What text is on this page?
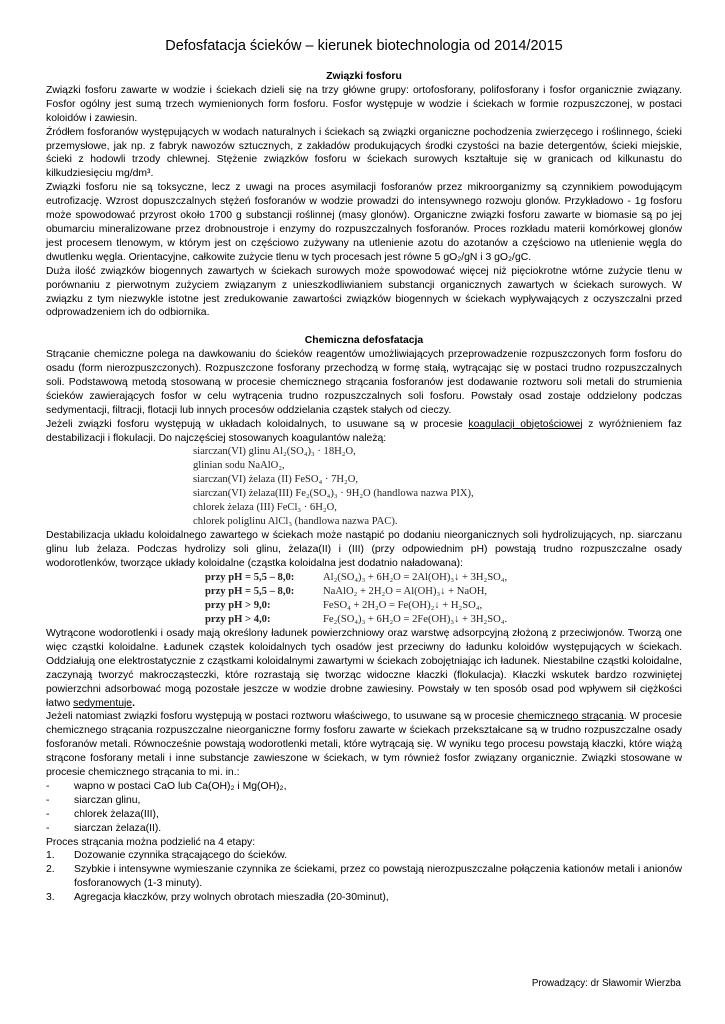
Defosfatacja ścieków – kierunek biotechnologia od 2014/2015
Związki fosforu

Związki fosforu zawarte w wodzie i ściekach dzieli się na trzy główne grupy: ortofosforany, polifosforany i fosfor organicznie związany. Fosfor ogólny jest sumą trzech wymienionych form fosforu. Fosfor występuje w wodzie i ściekach w formie rozpuszczonej, w postaci koloidów i zawiesin.

Źródłem fosforanów występujących w wodach naturalnych i ściekach są związki organiczne pochodzenia zwierzęcego i roślinnego, ścieki przemysłowe, jak np. z fabryk nawozów sztucznych, z zakładów produkujących środki czystości na bazie detergentów, ścieki miejskie, ścieki z hodowli trzody chlewnej. Stężenie związków fosforu w ściekach surowych kształtuje się w granicach od kilkunastu do kilkudziesięciu mg/dm³.

Związki fosforu nie są toksyczne, lecz z uwagi na proces asymilacji fosforanów przez mikroorganizmy są czynnikiem powodującym eutrofizację. Wzrost dopuszczalnych stężeń fosforanów w wodzie prowadzi do intensywnego rozwoju glonów. Przykładowo - 1g fosforu może spowodować przyrost około 1700 g substancji roślinnej (masy glonów). Organiczne związki fosforu zawarte w biomasie są po jej obumarciu mineralizowane przez drobnoustroje i enzymy do rozpuszczalnych fosforanów. Proces rozkładu materii komórkowej glonów jest procesem tlenowym, w którym jest on częściowo zużywany na utlenienie azotu do azotanów a częściowo na utlenienie węgla do dwutlenku węgla. Orientacyjne, całkowite zużycie tlenu w tych procesach jest równe 5 gO₂/gN i 3 gO₂/gC.

Duża ilość związków biogennych zawartych w ściekach surowych może spowodować więcej niż pięciokrotne wtórne zużycie tlenu w porównaniu z pierwotnym zużyciem związanym z unieszkodliwianiem substancji organicznych zawartych w ściekach surowych. W związku z tym niezwykle istotne jest zredukowanie zawartości związków biogennych w ściekach wypływających z oczyszczalni przed odprowadzeniem ich do odbiornika.

Chemiczna defosfatacja

Strącanie chemiczne polega na dawkowaniu do ścieków reagentów umożliwiających przeprowadzenie rozpuszczonych form fosforu do osadu (form nierozpuszczonych). Rozpuszczone fosforany przechodzą w formę stałą, wytrącając się w postaci trudno rozpuszczalnych soli. Podstawową metodą stosowaną w procesie chemicznego strącania fosforanów jest dodawanie roztworu soli metali do strumienia ścieków zawierających fosfor w celu wytrącenia trudno rozpuszczalnych soli fosforu. Powstały osad zostaje oddzielony podczas sedymentacji, filtracji, flotacji lub innych procesów oddzielania cząstek stałych od cieczy.

Jeżeli związki fosforu występują w układach koloidalnych, to usuwane są w procesie koagulacji objętościowej z wyróżnieniem faz destabilizacji i flokulacji. Do najczęściej stosowanych koagulantów należą:

siarczan(VI) glinu Al₂(SO₄)₃ · 18H₂O,
glinian sodu NaAlO₂,
siarczan(VI) żelaza (II) FeSO₄ · 7H₂O,
siarczan(VI) żelaza(III) Fe₂(SO₄)₃ · 9H₂O (handlowa nazwa PIX),
chlorek żelaza (III) FeCl₃ · 6H₂O,
chlorek poliglinu AlCl₃ (handlowa nazwa PAC).

Destabilizacja układu koloidalnego zawartego w ściekach może nastąpić po dodaniu nieorganicznych soli hydrolizujących, np. siarczanu glinu lub żelaza. Podczas hydrolizy soli glinu, żelaza(II) i (III) (przy odpowiednim pH) powstają trudno rozpuszczalne osady wodorotlenków, tworzące układy koloidalne (cząstka koloidalna jest dodatnio naładowana):

przy pH = 5,5 – 8,0:	Al₂(SO₄)₃ + 6H₂O = 2Al(OH)₃↓ + 3H₂SO₄,
przy pH = 5,5 – 8,0:	NaAlO₂ + 2H₂O = Al(OH)₃↓ + NaOH,
przy pH > 9,0:	FeSO₄ + 2H₂O = Fe(OH)₂↓ + H₂SO₄,
przy pH > 4,0:	Fe₂(SO₄)₃ + 6H₂O = 2Fe(OH)₃↓ + 3H₂SO₄.

Wytrącone wodorotlenki i osady mają określony ładunek powierzchniowy oraz warstwę adsorpcyjną złożoną z przeciwjonów. Tworzą one więc cząstki koloidalne. Ładunek cząstek koloidalnych tych osadów jest przeciwny do ładunku koloidów występujących w ściekach. Oddziałują one elektrostatycznie z cząstkami koloidalnymi zawartymi w ściekach zobojętniając ich ładunek. Niestabilne cząstki koloidalne, zaczynają tworzyć makrocząsteczki, które rozrastają się tworząc widoczne kłaczki (flokulacja). Kłaczki wskutek bardzo rozwiniętej powierzchni adsorbować mogą pozostałe jeszcze w wodzie drobne zawiesiny. Powstały w ten sposób osad pod wpływem sił ciężkości łatwo sedymentuje.

Jeżeli natomiast związki fosforu występują w postaci roztworu właściwego, to usuwane są w procesie chemicznego strącania. W procesie chemicznego strącania rozpuszczalne nieorganiczne formy fosforu zawarte w ściekach przekształcane są w trudno rozpuszczalne osady fosforanów metali. Równocześnie powstają wodorotlenki metali, które wytrącają się. W wyniku tego procesu powstają kłaczki, które wiążą strącone fosforany metali i inne substancje zawieszone w ściekach, w tym również fosfor związany organicznie. Związki stosowane w procesie chemicznego strącania to mi. in.:

-	wapno w postaci CaO lub Ca(OH)₂ i Mg(OH)₂,
-	siarczan glinu,
-	chlorek żelaza(III),
-	siarczan żelaza(II).

Proces strącania można podzielić na 4 etapy:

1.	Dozowanie czynnika strącającego do ścieków.
2.	Szybkie i intensywne wymieszanie czynnika ze ściekami, przez co powstają nierozpuszczalne połączenia kationów metali i anionów fosforanowych (1-3 minuty).
3.	Agregacja kłaczków, przy wolnych obrotach mieszadła (20-30minut),
Prowadzący: dr Sławomir Wierzba
